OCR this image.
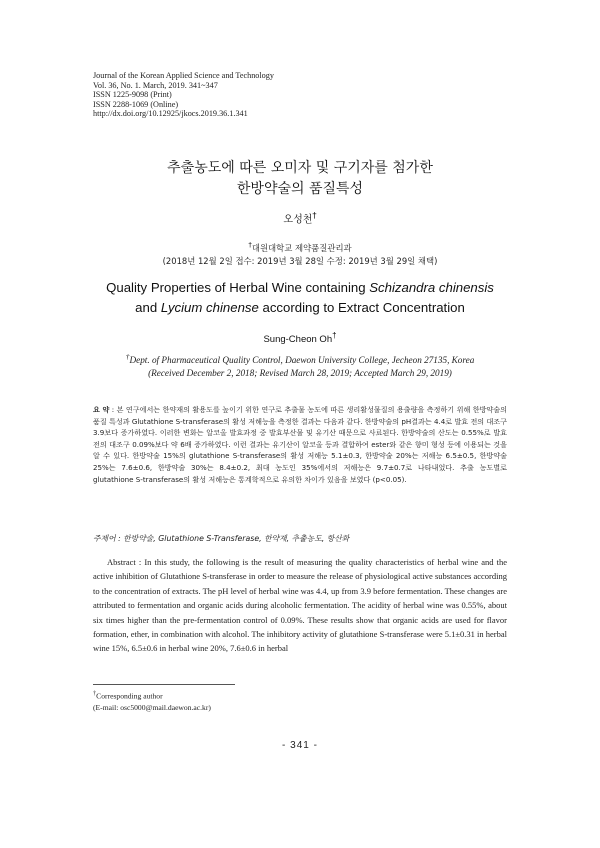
Journal of the Korean Applied Science and Technology
Vol. 36, No. 1. March, 2019. 341~347
ISSN 1225-9098 (Print)
ISSN 2288-1069 (Online)
http://dx.doi.org/10.12925/jkocs.2019.36.1.341
추출농도에 따른 오미자 및 구기자를 첨가한
한방약술의 품질특성
오성천†
†대원대학교 제약품질관리과
(2018년 12월 2일 접수: 2019년 3월 28일 수정: 2019년 3월 29일 채택)
Quality Properties of Herbal Wine containing Schizandra chinensis
and Lycium chinense according to Extract Concentration
Sung-Cheon Oh†
†Dept. of Pharmaceutical Quality Control, Daewon University College, Jecheon 27135, Korea
(Received December 2, 2018; Revised March 28, 2019; Accepted March 29, 2019)
요 약 : 본 연구에서는 한약재의 활용도를 높이기 위한 연구로 추출물 농도에 따른 생리활성물질의 용출량을 측정하기 위해 한방약술의 품질 특성과 Glutathione S-transferase의 활성 저해능을 측정한 결과는 다음과 같다. 한방약술의 pH결과는 4.4로 발효 전의 대조구 3.9보다 증가하였다. 이러한 변화는 알코올 발효과정 중 발효부산물 및 유기산 때문으로 사료된다. 한방약술의 산도는 0.55%로 발효 전의 대조구 0.09%보다 약 6배 증가하였다. 이런 결과는 유기산이 알코올 등과 결합하여 ester와 같은 향미 형성 등에 이용되는 것을 알 수 있다. 한방약술 15%의 glutathione S-transferase의 활성 저해능 5.1±0.3, 한방약술 20%는 저해능 6.5±0.5, 한방약술 25%는 7.6±0.6, 한방약술 30%는 8.4±0.2, 최대 농도인 35%에서의 저해능은 9.7±0.7로 나타내었다. 추출 농도별로 glutathione S-transferase의 활성 저해능은 통계학적으로 유의한 차이가 있음을 보였다 (p<0.05).
주제어 : 한방약술, Glutathione S-Transferase, 한약재, 추출농도, 항산화
Abstract : In this study, the following is the result of measuring the quality characteristics of herbal wine and the active inhibition of Glutathione S-transferase in order to measure the release of physiological active substances according to the concentration of extracts. The pH level of herbal wine was 4.4, up from 3.9 before fermentation. These changes are attributed to fermentation and organic acids during alcoholic fermentation. The acidity of herbal wine was 0.55%, about six times higher than the pre-fermentation control of 0.09%. These results show that organic acids are used for flavor formation, ether, in combination with alcohol. The inhibitory activity of glutathione S-transferase were 5.1±0.31 in herbal wine 15%, 6.5±0.6 in herbal wine 20%, 7.6±0.6 in herbal
†Corresponding author
(E-mail: osc5000@mail.daewon.ac.kr)
- 341 -
